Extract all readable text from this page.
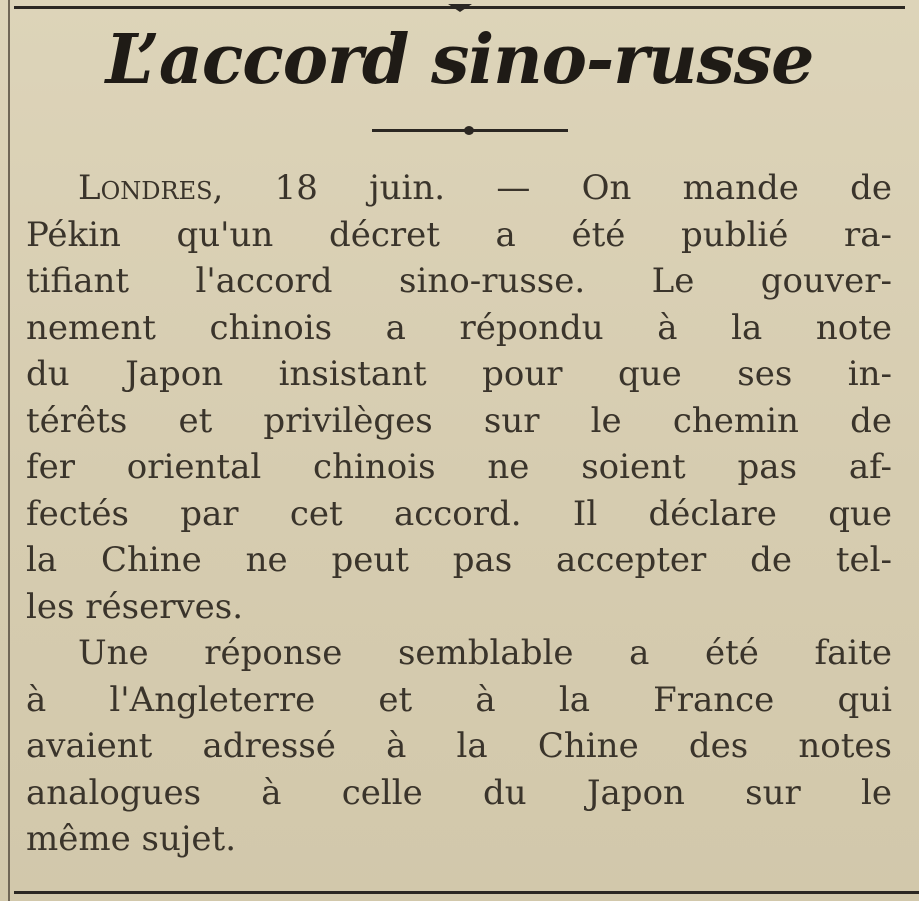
L’accord sino-russe
Londres, 18 juin. — On mande de
Pékin qu'un décret a été publié ra-
tifiant l'accord sino-russe. Le gouver-
nement chinois a répondu à la note
du Japon insistant pour que ses in-
térêts et privilèges sur le chemin de
fer oriental chinois ne soient pas af-
fectés par cet accord. Il déclare que
la Chine ne peut pas accepter de tel-
les réserves.
Une réponse semblable a été faite
à l'Angleterre et à la France qui
avaient adressé à la Chine des notes
analogues à celle du Japon sur le
même sujet.
